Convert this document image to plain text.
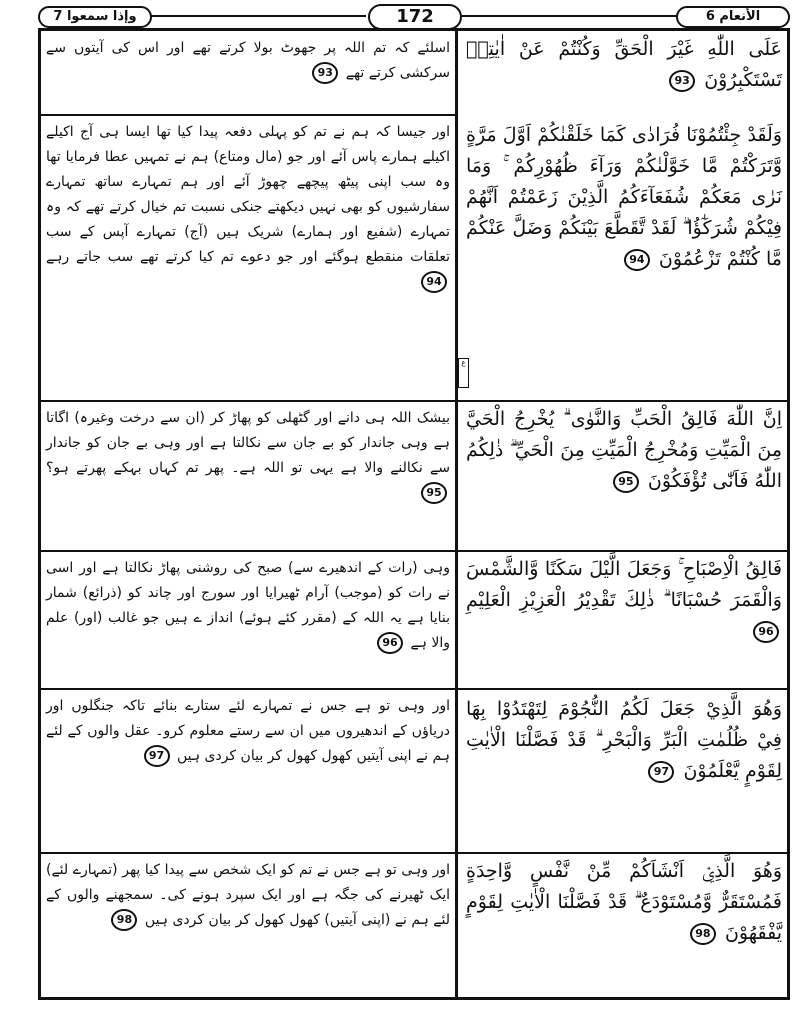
وإذا سمعوا 7	172	الأنعام 6
ع
عَلَى اللّٰهِ غَيْرَ الْحَقِّ وَكُنْتُمْ عَنْ اٰيٰتِهٖ تَسْتَكْبِرُوْنَ 93
اسلئے کہ تم اللہ پر جھوٹ بولا کرتے تھے اور اس کی آیتوں سے سرکشی کرتے تھے 93
وَلَقَدْ جِئْتُمُوْنَا فُرَادٰى كَمَا خَلَقْنٰكُمْ اَوَّلَ مَرَّةٍ وَّتَرَكْتُمْ مَّا خَوَّلْنٰكُمْ وَرَآءَ ظُهُوْرِكُمْ ۚ وَمَا نَرٰى مَعَكُمْ شُفَعَآءَكُمُ الَّذِيْنَ زَعَمْتُمْ اَنَّهُمْ فِيْكُمْ شُرَكٰٓؤُا ۗ لَقَدْ تَّقَطَّعَ بَيْنَكُمْ وَضَلَّ عَنْكُمْ مَّا كُنْتُمْ تَزْعُمُوْنَ 94
اور جیسا کہ ہم نے تم کو پہلی دفعہ پیدا کیا تھا ایسا ہی آج اکیلے اکیلے ہمارے پاس آئے اور جو (مال ومتاع) ہم نے تمہیں عطا فرمایا تھا وہ سب اپنی پیٹھ پیچھے چھوڑ آئے اور ہم تمہارے ساتھ تمہارے سفارشیوں کو بھی نہیں دیکھتے جنکی نسبت تم خیال کرتے تھے کہ وہ تمہارے (شفیع اور ہمارے) شریک ہیں (آج) تمہارے آپس کے سب تعلقات منقطع ہوگئے اور جو دعوے تم کیا کرتے تھے سب جاتے رہے 94
اِنَّ اللّٰهَ فَالِقُ الْحَبِّ وَالنَّوٰى ۗ يُخْرِجُ الْحَيَّ مِنَ الْمَيِّتِ وَمُخْرِجُ الْمَيِّتِ مِنَ الْحَيِّ ۗ ذٰلِكُمُ اللّٰهُ فَاَنّٰى تُؤْفَكُوْنَ 95
بیشک اللہ ہی دانے اور گٹھلی کو پھاڑ کر (ان سے درخت وغیرہ) اگاتا ہے وہی جاندار کو بے جان سے نکالتا ہے اور وہی بے جان کو جاندار سے نکالنے والا ہے یہی تو اللہ ہے۔ پھر تم کہاں بہکے پھرتے ہو؟ 95
فَالِقُ الْاِصْبَاحِ ۚ وَجَعَلَ الَّيْلَ سَكَنًا وَّالشَّمْسَ وَالْقَمَرَ حُسْبَانًا ۗ ذٰلِكَ تَقْدِيْرُ الْعَزِيْزِ الْعَلِيْمِ 96
وہی (رات کے اندھیرے سے) صبح کی روشنی پھاڑ نکالتا ہے اور اسی نے رات کو (موجب) آرام ٹھیرایا اور سورج اور چاند کو (ذرائع) شمار بنایا ہے یہ اللہ کے (مقرر کئے ہوئے) انداز ے ہیں جو غالب (اور) علم والا ہے 96
وَهُوَ الَّذِيْ جَعَلَ لَكُمُ النُّجُوْمَ لِتَهْتَدُوْا بِهَا فِيْ ظُلُمٰتِ الْبَرِّ وَالْبَحْرِ ۗ قَدْ فَصَّلْنَا الْاٰيٰتِ لِقَوْمٍ يَّعْلَمُوْنَ 97
اور وہی تو ہے جس نے تمہارے لئے ستارے بنائے تاکہ جنگلوں اور دریاؤں کے اندھیروں میں ان سے رستے معلوم کرو۔ عقل والوں کے لئے ہم نے اپنی آیتیں کھول کھول کر بیان کردی ہیں 97
وَهُوَ الَّذِيْۤ اَنْشَاَكُمْ مِّنْ نَّفْسٍ وَّاحِدَةٍ فَمُسْتَقَرٌّ وَّمُسْتَوْدَعٌ ۗ قَدْ فَصَّلْنَا الْاٰيٰتِ لِقَوْمٍ يَّفْقَهُوْنَ 98
اور وہی تو ہے جس نے تم کو ایک شخص سے پیدا کیا پھر (تمہارے لئے) ایک ٹھیرنے کی جگہ ہے اور ایک سپرد ہونے کی۔ سمجھنے والوں کے لئے ہم نے (اپنی آیتیں) کھول کھول کر بیان کردی ہیں 98
